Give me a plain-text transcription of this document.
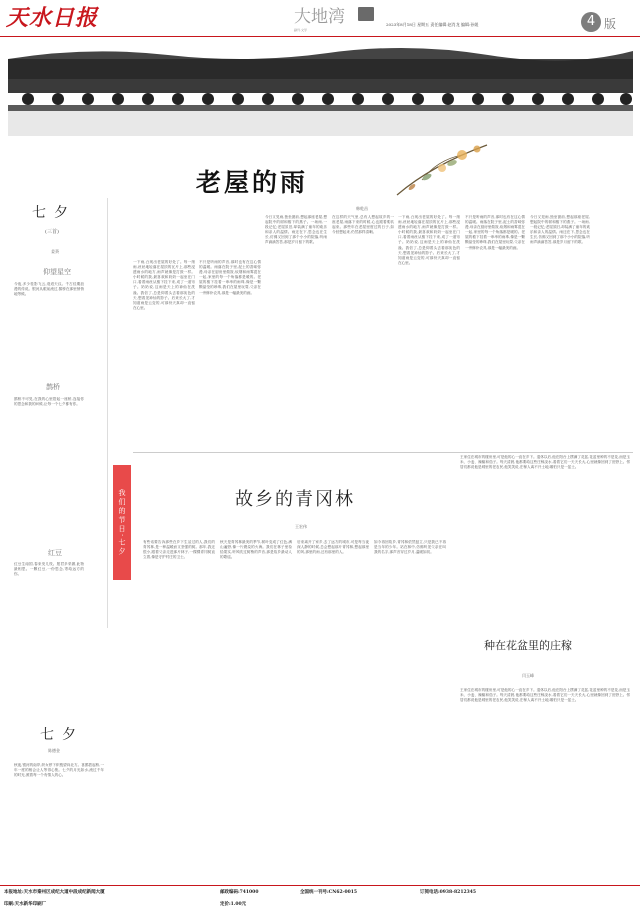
天水日报	大地湾
副刊·文学
2023年8月18日 星期五 责任编辑:赵肖龙 编辑:孙媛	4 版
老屋的雨
韩乾昌
一下雨,凸现出老屋的好处了。每一细雨,丝丝地轻落在屋顶的瓦片上,那些浸透雨水的地方,雨声就像是打鼓一样。小时候的我,最喜欢和奶奶一起坐在门口,看着雨丝从檐下挂下来,成了一道帘子。奶奶说,这雨是天上的神仙在洗澡。我信了,总是仰着头去看那灰色的天,想看见神仙的影子。后来长大了,才知道雨是云变的,可那份天真却一直留在心里。
不只是听雨的声音,那时也有在这心情的温暖。雨落在院子里,泥土的香味弥漫,母亲在厨房里做饭,炊烟和雨雾混在一起,家里的每一个角落都是暖的。老屋的檐下挂着一串串的雨珠,像是一颗颗晶莹的珍珠,我们在屋里玩耍,父亲在一旁修补农具,那是一幅最美的画。
今日又见雨,独坐窗前,想起那座老屋,想起院中的树和檐下的燕子。一场雨,一段记忆;老屋虽旧,却装满了童年的欢乐和亲人的温情。雨还在下,思念也在生长,仿佛又回到了那个小小的院落,听雨声滴滴答答,那是岁月留下的歌。
在这样的天气里,总有人想起故乡的一座老屋,雨落下来的时候,心也跟着柔软起来。那些年在老屋里度过的日子,如今回想起来,仍然那样清晰。
一下雨,凸现出老屋的好处了。每一细雨,丝丝地轻落在屋顶的瓦片上,那些浸透雨水的地方,雨声就像是打鼓一样。小时候的我,最喜欢和奶奶一起坐在门口,看着雨丝从檐下挂下来,成了一道帘子。奶奶说,这雨是天上的神仙在洗澡。我信了,总是仰着头去看那灰色的天,想看见神仙的影子。后来长大了,才知道雨是云变的,可那份天真却一直留在心里。
不只是听雨的声音,那时也有在这心情的温暖。雨落在院子里,泥土的香味弥漫,母亲在厨房里做饭,炊烟和雨雾混在一起,家里的每一个角落都是暖的。老屋的檐下挂着一串串的雨珠,像是一颗颗晶莹的珍珠,我们在屋里玩耍,父亲在一旁修补农具,那是一幅最美的画。
今日又见雨,独坐窗前,想起那座老屋,想起院中的树和檐下的燕子。一场雨,一段记忆;老屋虽旧,却装满了童年的欢乐和亲人的温情。雨还在下,思念也在生长,仿佛又回到了那个小小的院落,听雨声滴滴答答,那是岁月留下的歌。
七夕
(三首)
姜葵
仰望星空
今夜,多少桂影飞云,迢迢天汉。千古佳期浪漫的传说。银河从眼前流过,鹊桥在那里悄悄地等候。
鹊桥
鹊桥不可见,在我的心里搭起一座桥,连接你的思念和我的问候,让每一个七夕都有你。
红豆
红豆生南国,春来发几枝。愿君多采撷,此物最相思。一颗红豆,一份思念,寄给远方的你。
我们的节日·七夕	故乡的青冈林
王宏伟
有些话要告诉那些在乡下生活过的人,我们的青冈林,是一种温暖而又坚强的树。那年,我还很小,跟着父亲走进那片林子,一棵棵青冈树直立着,像是守护村庄的卫士。
秋天是青冈林最美的季节,树叶变成了红色,满山遍野,像一片燃烧的火海。我们在林子里捡拾果实,听风吹过树梢的声音,那是故乡最动人的歌谣。
后来离开了家乡,去了远方的城市,可是每当夜深人静的时候,总会想起那片青冈林,想起那里的风,那里的雨,还有那里的人。
如今再回故乡,青冈林依然挺立,只是我已不再是当年的少年。站在林中,仿佛听见父亲在叫我的名字,那声音穿过岁月,温暖如初。
七夕
陈德金
秋夜,银河的南岸,织女停下织梭望向北方。喜鹊搭起桥,一年一度的相会让人等得心焦。七夕的月光如水,流过千年的时光,照着每一个有情人的心。
王家住在城市的楼房里,可是他的心一直在乡下。退休以后,他在阳台上摆满了花盆,花盆里种的不是花,而是玉米、小麦、辣椒和茄子。每天清晨,他都要给这些庄稼浇水,看着它们一天天长大,心里就像回到了田野上。邻居们都说他是城里的老农民,他笑笑说,庄稼人离不开土地,哪怕只是一盆土。
种在花盆里的庄稼
闫玉峰
王家住在城市的楼房里,可是他的心一直在乡下。退休以后,他在阳台上摆满了花盆,花盆里种的不是花,而是玉米、小麦、辣椒和茄子。每天清晨,他都要给这些庄稼浇水,看着它们一天天长大,心里就像回到了田野上。邻居们都说他是城里的老农民,他笑笑说,庄稼人离不开土地,哪怕只是一盆土。
本报地址:天水市秦州区成纪大道中段成纪新闻大厦	邮政编码:741000	全国统一刊号:CN62-0015	订阅电话:0938-8212345
印刷:天水新华印刷厂	定价:1.00元
